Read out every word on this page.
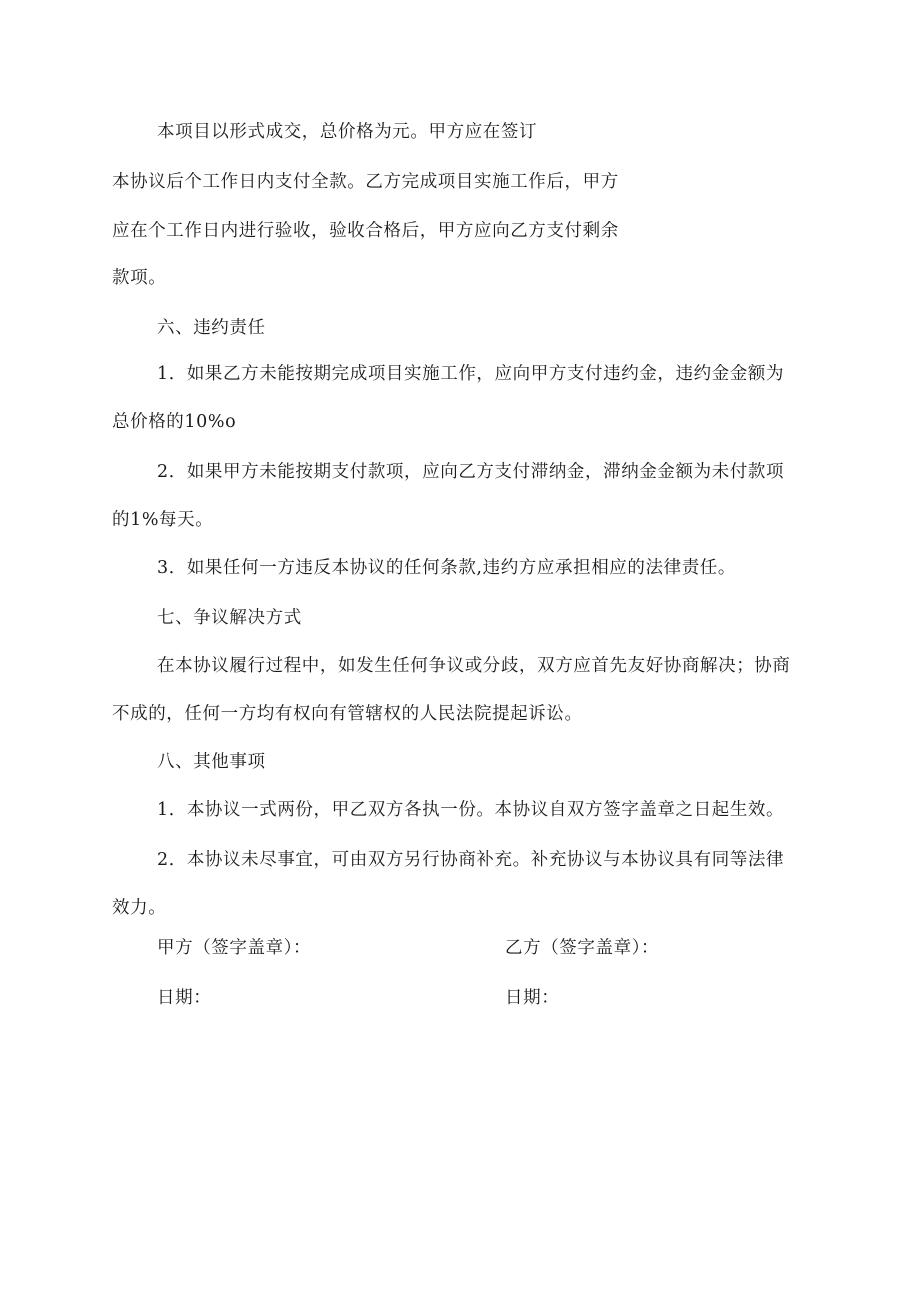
本项目以形式成交，总价格为元。甲方应在签订
本协议后个工作日内支付全款。乙方完成项目实施工作后，甲方
应在个工作日内进行验收，验收合格后，甲方应向乙方支付剩余
款项。
六、违约责任
1．如果乙方未能按期完成项目实施工作，应向甲方支付违约金，违约金金额为
总价格的10%o
2．如果甲方未能按期支付款项，应向乙方支付滞纳金，滞纳金金额为未付款项
的1%每天。
3．如果任何一方违反本协议的任何条款,违约方应承担相应的法律责任。
七、争议解决方式
在本协议履行过程中，如发生任何争议或分歧，双方应首先友好协商解决；协商
不成的，任何一方均有权向有管辖权的人民法院提起诉讼。
八、其他事项
1．本协议一式两份，甲乙双方各执一份。本协议自双方签字盖章之日起生效。
2．本协议未尽事宜，可由双方另行协商补充。补充协议与本协议具有同等法律
效力。
甲方（签字盖章）：	乙方（签字盖章）：
日期：	日期：
